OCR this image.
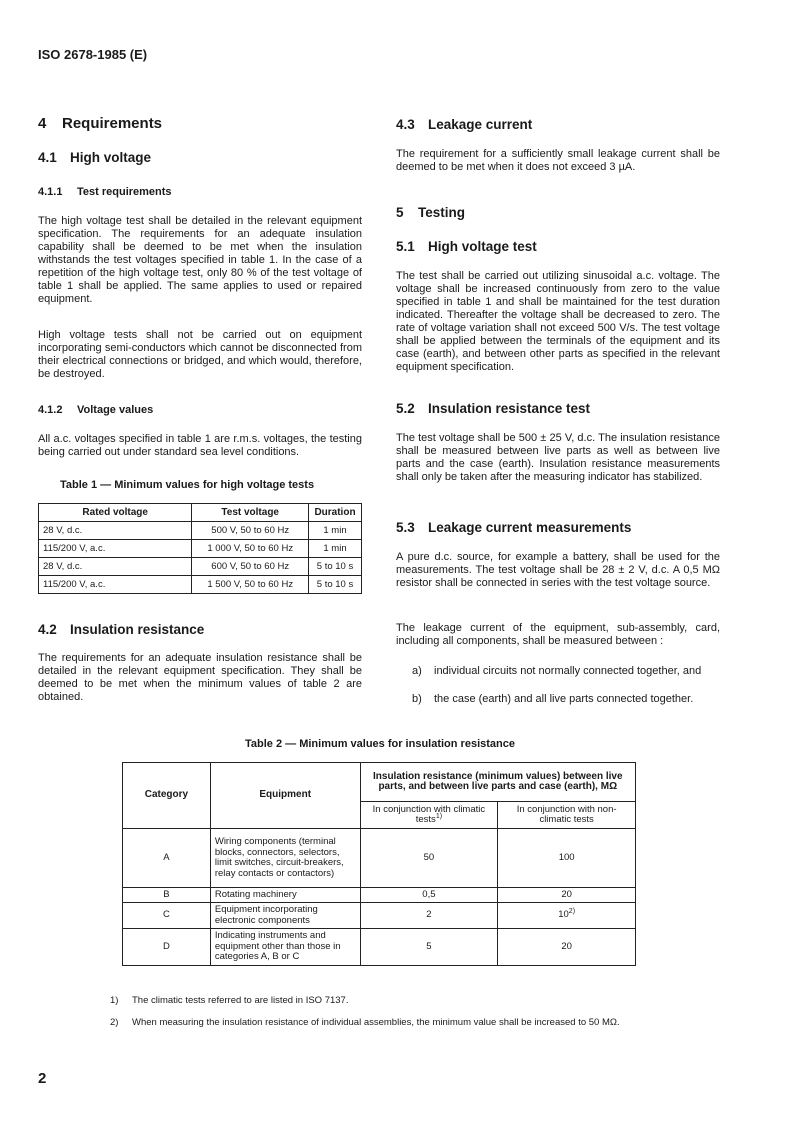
ISO 2678-1985 (E)
4 Requirements
4.1 High voltage
4.1.1 Test requirements

The high voltage test shall be detailed in the relevant equipment specification. The requirements for an adequate insulation capability shall be deemed to be met when the insulation withstands the test voltages specified in table 1. In the case of a repetition of the high voltage test, only 80 % of the test voltage of table 1 shall be applied. The same applies to used or repaired equipment.

High voltage tests shall not be carried out on equipment incorporating semi-conductors which cannot be disconnected from their electrical connections or bridged, and which would, therefore, be destroyed.

4.1.2 Voltage values

All a.c. voltages specified in table 1 are r.m.s. voltages, the testing being carried out under standard sea level conditions.

Table 1 — Minimum values for high voltage tests
Rated voltage	Test voltage	Duration
28 V, d.c.	500 V, 50 to 60 Hz	1 min
115/200 V, a.c.	1 000 V, 50 to 60 Hz	1 min
28 V, d.c.	600 V, 50 to 60 Hz	5 to 10 s
115/200 V, a.c.	1 500 V, 50 to 60 Hz	5 to 10 s
4.2 Insulation resistance

The requirements for an adequate insulation resistance shall be detailed in the relevant equipment specification. They shall be deemed to be met when the minimum values of table 2 are obtained.

4.3 Leakage current

The requirement for a sufficiently small leakage current shall be deemed to be met when it does not exceed 3 µA.

5 Testing
5.1 High voltage test

The test shall be carried out utilizing sinusoidal a.c. voltage. The voltage shall be increased continuously from zero to the value specified in table 1 and shall be maintained for the test duration indicated. Thereafter the voltage shall be decreased to zero. The rate of voltage variation shall not exceed 500 V/s. The test voltage shall be applied between the terminals of the equipment and its case (earth), and between other parts as specified in the relevant equipment specification.

5.2 Insulation resistance test

The test voltage shall be 500 ± 25 V, d.c. The insulation resistance shall be measured between live parts as well as between live parts and the case (earth). Insulation resistance measurements shall only be taken after the measuring indicator has stabilized.

5.3 Leakage current measurements

A pure d.c. source, for example a battery, shall be used for the measurements. The test voltage shall be 28 ± 2 V, d.c. A 0,5 MΩ resistor shall be connected in series with the test voltage source.

The leakage current of the equipment, sub-assembly, card, including all components, shall be measured between :

a) individual circuits not normally connected together, and
b) the case (earth) and all live parts connected together.
Table 2 — Minimum values for insulation resistance
Category	Equipment	Insulation resistance (minimum values) between live parts, and between live parts and case (earth), MΩ	
		In conjunction with climatic tests$^{1)}$	In conjunction with non-climatic tests
A	Wiring components (terminal blocks, connectors, selectors, limit switches, circuit-breakers, relay contacts or contactors)	50	100
B	Rotating machinery	0,5	20
C	Equipment incorporating electronic components	2	10$^{2)}$
D	Indicating instruments and equipment other than those in categories A, B or C	5	20
1) The climatic tests referred to are listed in ISO 7137.
2) When measuring the insulation resistance of individual assemblies, the minimum value shall be increased to 50 MΩ.
2
